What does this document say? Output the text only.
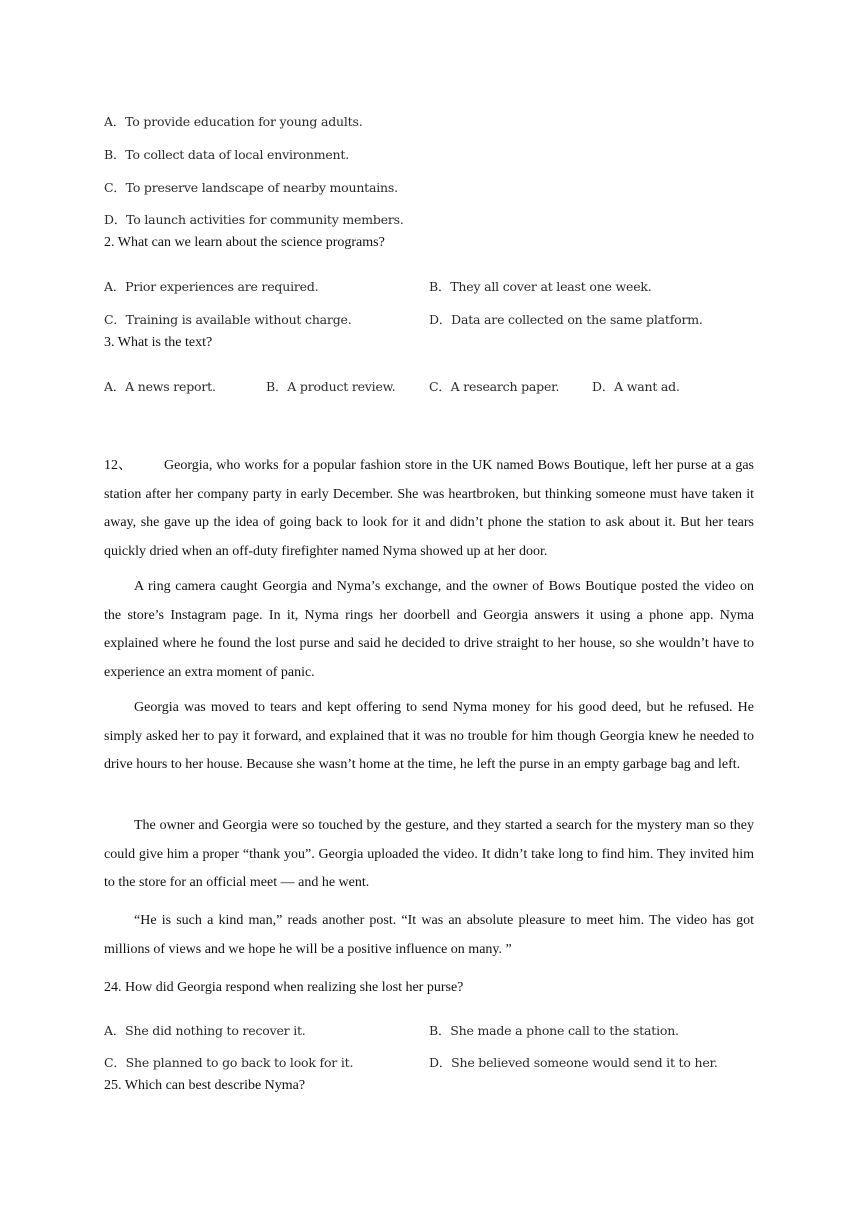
A．To provide education for young adults.
B．To collect data of local environment.
C．To preserve landscape of nearby mountains.
D．To launch activities for community members.
2. What can we learn about the science programs?
A．Prior experiences are required.	B．They all cover at least one week.
C．Training is available without charge.	D．Data are collected on the same platform.
3. What is the text?
A．A news report.	B．A product review.	C．A research paper.	D．A want ad.

12、 Georgia, who works for a popular fashion store in the UK named Bows Boutique, left her purse at a gas station after her company party in early December. She was heartbroken, but thinking someone must have taken it away, she gave up the idea of going back to look for it and didn’t phone the station to ask about it. But her tears quickly dried when an off-duty firefighter named Nyma showed up at her door.

A ring camera caught Georgia and Nyma’s exchange, and the owner of Bows Boutique posted the video on the store’s Instagram page. In it, Nyma rings her doorbell and Georgia answers it using a phone app. Nyma explained where he found the lost purse and said he decided to drive straight to her house, so she wouldn’t have to experience an extra moment of panic.

Georgia was moved to tears and kept offering to send Nyma money for his good deed, but he refused. He simply asked her to pay it forward, and explained that it was no trouble for him though Georgia knew he needed to drive hours to her house. Because she wasn’t home at the time, he left the purse in an empty garbage bag and left.

The owner and Georgia were so touched by the gesture, and they started a search for the mystery man so they could give him a proper “thank you”. Georgia uploaded the video. It didn’t take long to find him. They invited him to the store for an official meet — and he went.

“He is such a kind man,” reads another post. “It was an absolute pleasure to meet him. The video has got millions of views and we hope he will be a positive influence on many. ”

24. How did Georgia respond when realizing she lost her purse?
A．She did nothing to recover it.	B．She made a phone call to the station.
C．She planned to go back to look for it.	D．She believed someone would send it to her.
25. Which can best describe Nyma?
